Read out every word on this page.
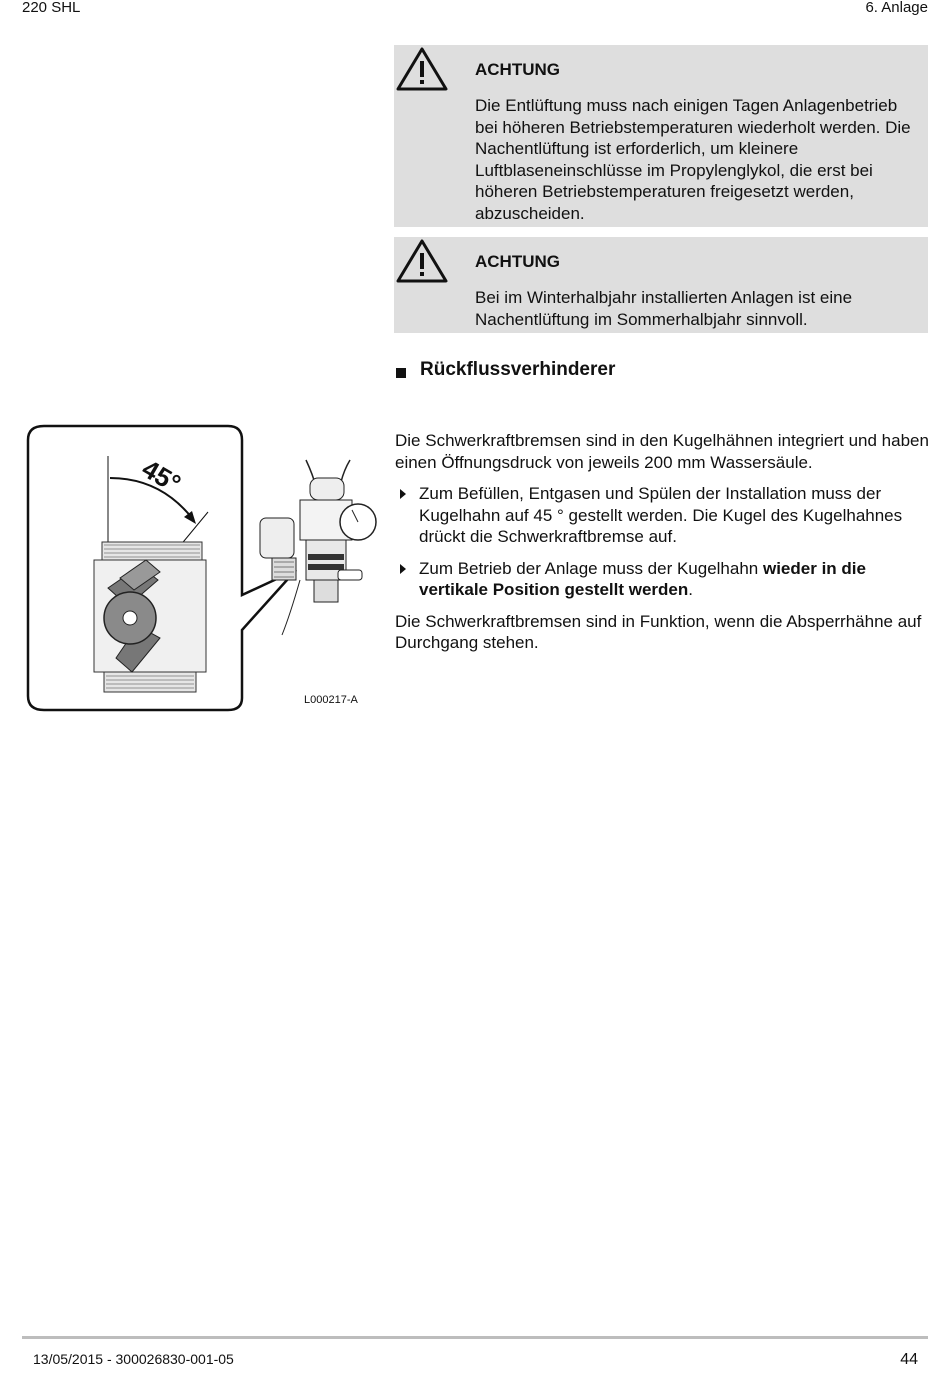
220 SHL	6. Anlage
ACHTUNG
Die Entlüftung muss nach einigen Tagen Anlagenbetrieb bei höheren Betriebstemperaturen wiederholt werden. Die Nachentlüftung ist erforderlich, um kleinere Luftblaseneinschlüsse im Propylenglykol, die erst bei höheren Betriebstemperaturen freigesetzt werden, abzuscheiden.
ACHTUNG
Bei im Winterhalbjahr installierten Anlagen ist eine Nachentlüftung im Sommerhalbjahr sinnvoll.
Rückflussverhinderer
45°
L000217-A

Die Schwerkraftbremsen sind in den Kugelhähnen integriert und haben einen Öffnungsdruck von jeweils 200 mm Wassersäule.

Zum Befüllen, Entgasen und Spülen der Installation muss der Kugelhahn auf 45 ° gestellt werden. Die Kugel des Kugelhahnes drückt die Schwerkraftbremse auf.
Zum Betrieb der Anlage muss der Kugelhahn wieder in die vertikale Position gestellt werden.

Die Schwerkraftbremsen sind in Funktion, wenn die Absperrhähne auf Durchgang stehen.

13/05/2015 - 300026830-001-05	44
